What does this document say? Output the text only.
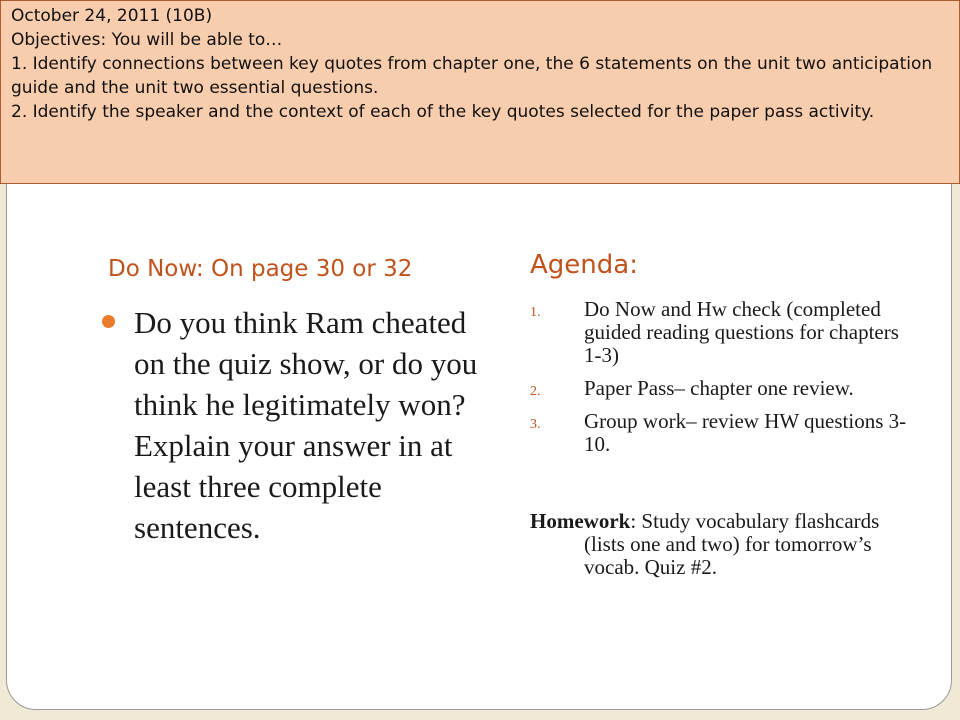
October 24, 2011 (10B)

Objectives: You will be able to…

1. Identify connections between key quotes from chapter one, the 6 statements on the unit two anticipation guide and the unit two essential questions.

2. Identify the speaker and the context of each of the key quotes selected for the paper pass activity.

Do Now: On page 30 or 32
Do you think Ram cheated on the quiz show, or do you think he legitimately won? Explain your answer in at least three complete sentences.
Agenda:
1. Do Now and Hw check (completed guided reading questions for chapters 1-3)
2. Paper Pass– chapter one review.
3. Group work– review HW questions 3-10.
Homework: Study vocabulary flashcards (lists one and two) for tomorrow’s vocab. Quiz #2.
